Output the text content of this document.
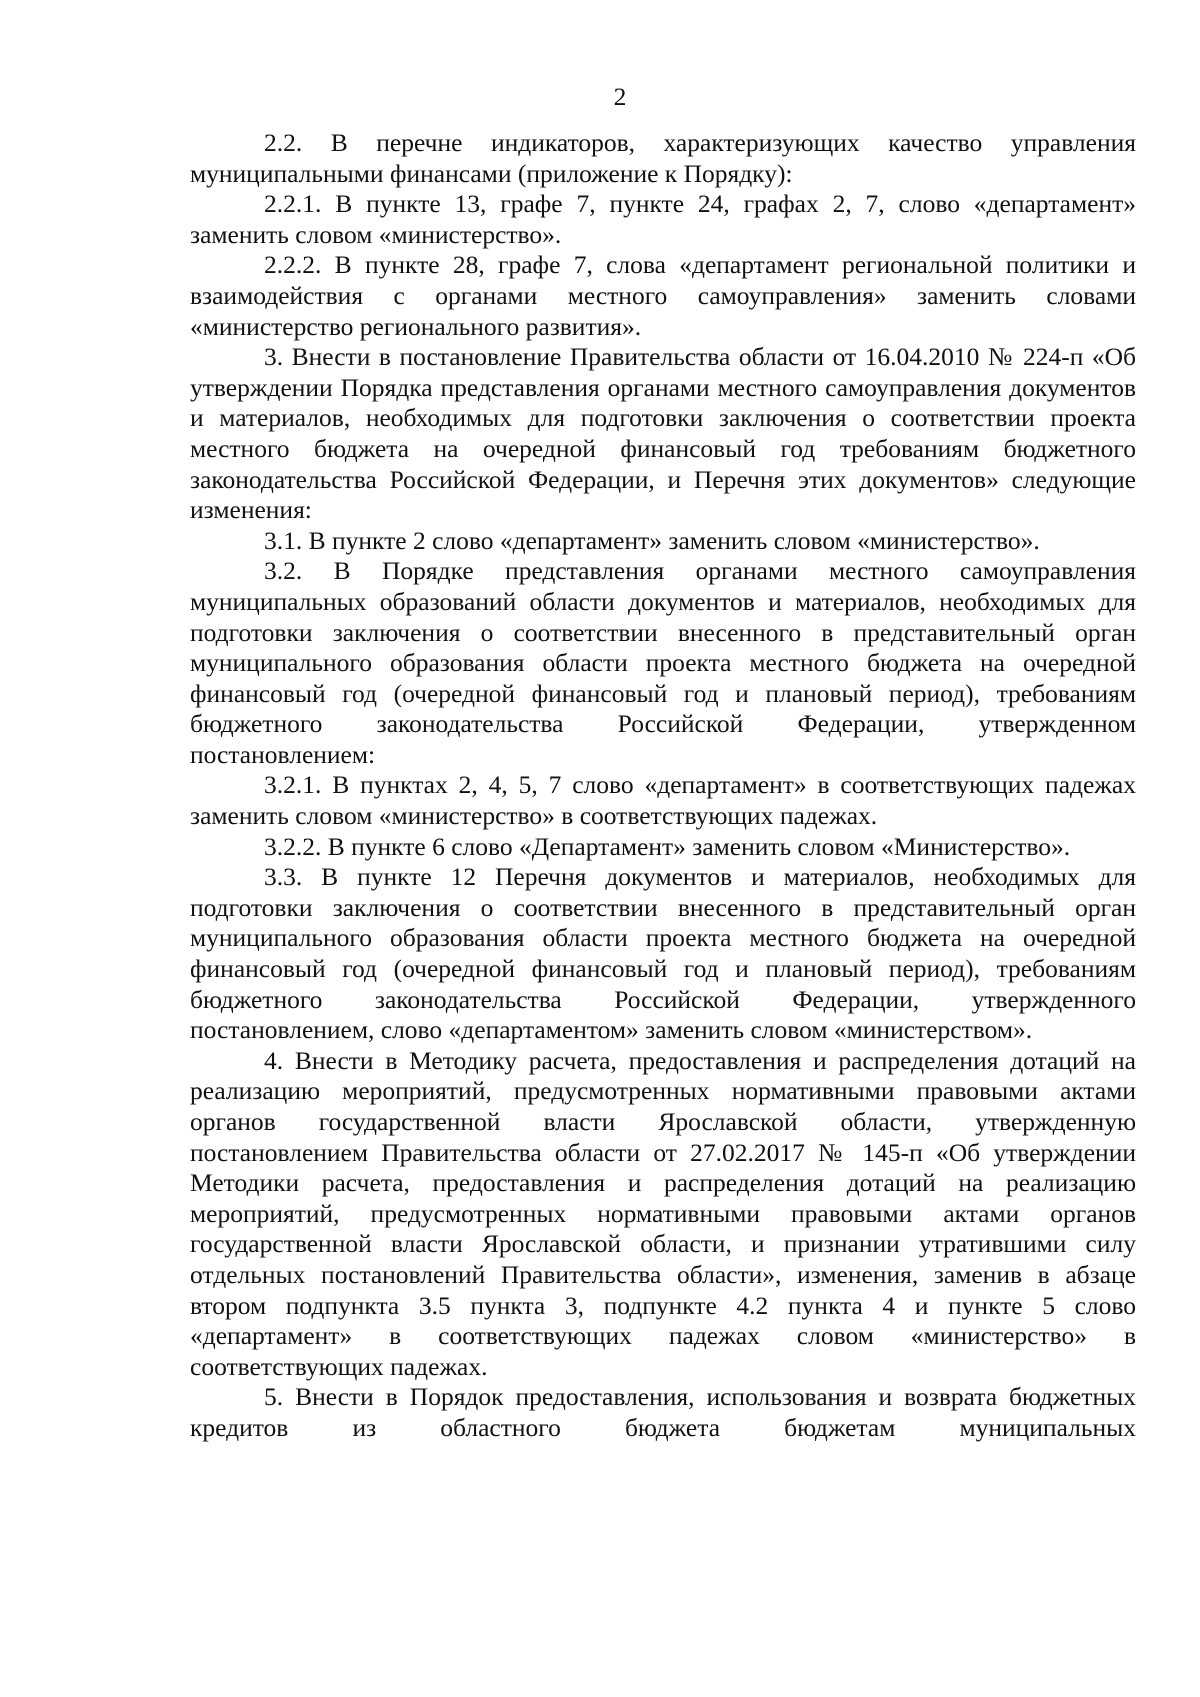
2

2.2. В перечне индикаторов, характеризующих качество управления муниципальными финансами (приложение к Порядку):

2.2.1. В пункте 13, графе 7, пункте 24, графах 2, 7, слово «департамент» заменить словом «министерство».

2.2.2. В пункте 28, графе 7, слова «департамент региональной политики и взаимодействия с органами местного самоуправления» заменить словами «министерство регионального развития».

3. Внести в постановление Правительства области от 16.04.2010 № 224-п «Об утверждении Порядка представления органами местного самоуправления документов и материалов, необходимых для подготовки заключения о соответствии проекта местного бюджета на очередной финансовый год требованиям бюджетного законодательства Российской Федерации, и Перечня этих документов» следующие изменения:

3.1. В пункте 2 слово «департамент» заменить словом «министерство».

3.2. В Порядке представления органами местного самоуправления муниципальных образований области документов и материалов, необходимых для подготовки заключения о соответствии внесенного в представительный орган муниципального образования области проекта местного бюджета на очередной финансовый год (очередной финансовый год и плановый период), требованиям бюджетного законодательства Российской Федерации, утвержденном постановлением:

3.2.1. В пунктах 2, 4, 5, 7 слово «департамент» в соответствующих падежах заменить словом «министерство» в соответствующих падежах.

3.2.2. В пункте 6 слово «Департамент» заменить словом «Министерство».

3.3. В пункте 12 Перечня документов и материалов, необходимых для подготовки заключения о соответствии внесенного в представительный орган муниципального образования области проекта местного бюджета на очередной финансовый год (очередной финансовый год и плановый период), требованиям бюджетного законодательства Российской Федерации, утвержденного постановлением, слово «департаментом» заменить словом «министерством».

4. Внести в Методику расчета, предоставления и распределения дотаций на реализацию мероприятий, предусмотренных нормативными правовыми актами органов государственной власти Ярославской области, утвержденную постановлением Правительства области от 27.02.2017 № 145-п «Об утверждении Методики расчета, предоставления и распределения дотаций на реализацию мероприятий, предусмотренных нормативными правовыми актами органов государственной власти Ярославской области, и признании утратившими силу отдельных постановлений Правительства области», изменения, заменив в абзаце втором подпункта 3.5 пункта 3, подпункте 4.2 пункта 4 и пункте 5 слово «департамент» в соответствующих падежах словом «министерство» в соответствующих падежах.

5. Внести в Порядок предоставления, использования и возврата бюджетных кредитов из областного бюджета бюджетам муниципальных
